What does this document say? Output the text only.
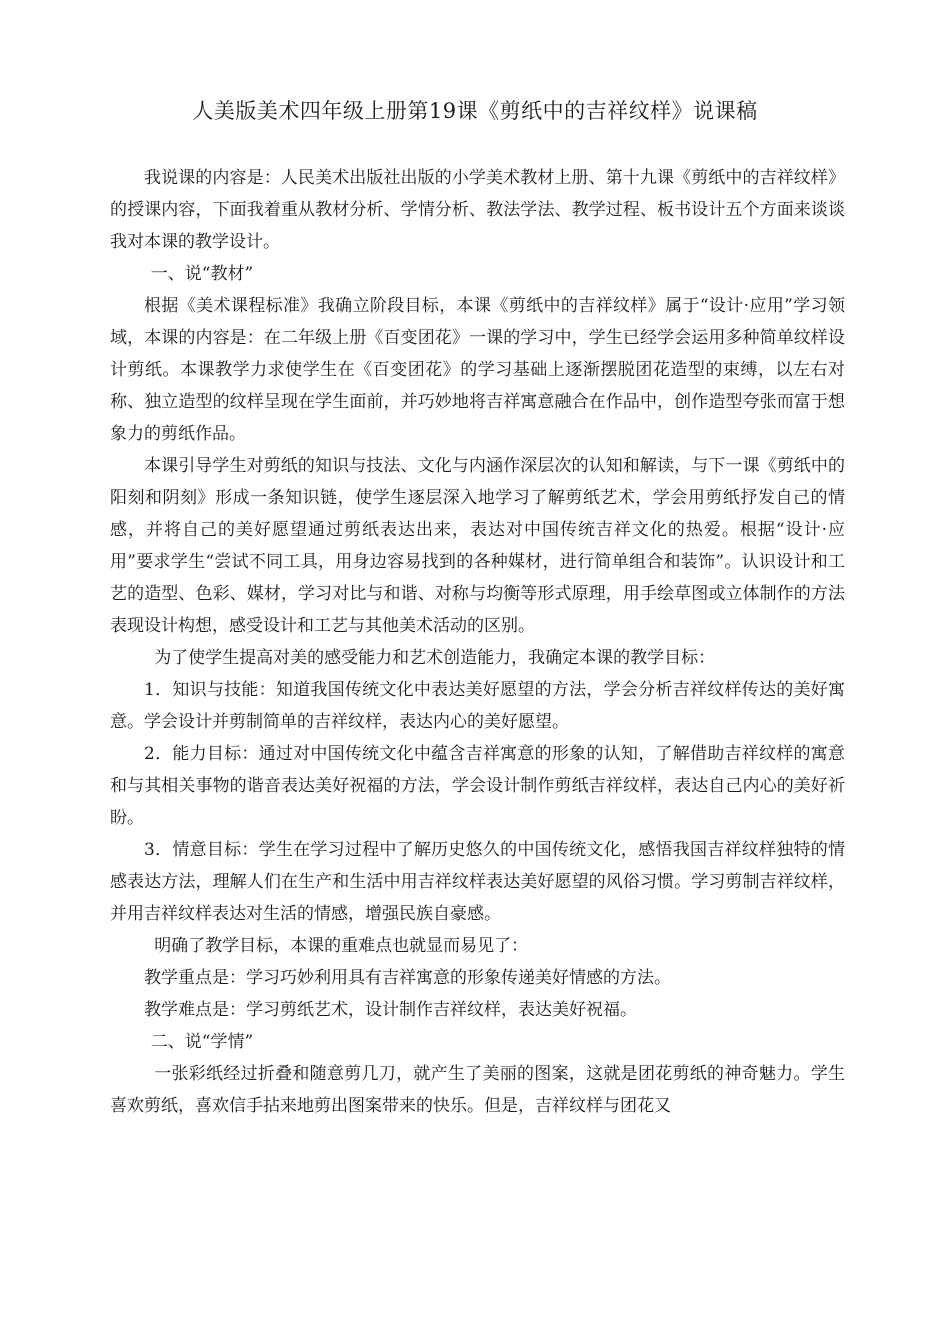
人美版美术四年级上册第19课《剪纸中的吉祥纹样》说课稿

我说课的内容是：人民美术出版社出版的小学美术教材上册、第十九课《剪纸中的吉祥纹样》的授课内容，下面我着重从教材分析、学情分析、教法学法、教学过程、板书设计五个方面来谈谈我对本课的教学设计。

一、说“教材”

根据《美术课程标准》我确立阶段目标，本课《剪纸中的吉祥纹样》属于“设计·应用”学习领域，本课的内容是：在二年级上册《百变团花》一课的学习中，学生已经学会运用多种简单纹样设计剪纸。本课教学力求使学生在《百变团花》的学习基础上逐渐摆脱团花造型的束缚，以左右对称、独立造型的纹样呈现在学生面前，并巧妙地将吉祥寓意融合在作品中，创作造型夸张而富于想象力的剪纸作品。

本课引导学生对剪纸的知识与技法、文化与内涵作深层次的认知和解读，与下一课《剪纸中的阳刻和阴刻》形成一条知识链，使学生逐层深入地学习了解剪纸艺术，学会用剪纸抒发自己的情感，并将自己的美好愿望通过剪纸表达出来，表达对中国传统吉祥文化的热爱。根据“设计·应用”要求学生“尝试不同工具，用身边容易找到的各种媒材，进行简单组合和装饰”。认识设计和工艺的造型、色彩、媒材，学习对比与和谐、对称与均衡等形式原理，用手绘草图或立体制作的方法表现设计构想，感受设计和工艺与其他美术活动的区别。

为了使学生提高对美的感受能力和艺术创造能力，我确定本课的教学目标：

1．知识与技能：知道我国传统文化中表达美好愿望的方法，学会分析吉祥纹样传达的美好寓意。学会设计并剪制简单的吉祥纹样，表达内心的美好愿望。

2．能力目标：通过对中国传统文化中蕴含吉祥寓意的形象的认知，了解借助吉祥纹样的寓意和与其相关事物的谐音表达美好祝福的方法，学会设计制作剪纸吉祥纹样，表达自己内心的美好祈盼。

3．情意目标：学生在学习过程中了解历史悠久的中国传统文化，感悟我国吉祥纹样独特的情感表达方法，理解人们在生产和生活中用吉祥纹样表达美好愿望的风俗习惯。学习剪制吉祥纹样，并用吉祥纹样表达对生活的情感，增强民族自豪感。

明确了教学目标，本课的重难点也就显而易见了：

教学重点是：学习巧妙利用具有吉祥寓意的形象传递美好情感的方法。

教学难点是：学习剪纸艺术，设计制作吉祥纹样，表达美好祝福。

二、说“学情”

一张彩纸经过折叠和随意剪几刀，就产生了美丽的图案，这就是团花剪纸的神奇魅力。学生喜欢剪纸，喜欢信手拈来地剪出图案带来的快乐。但是，吉祥纹样与团花又
